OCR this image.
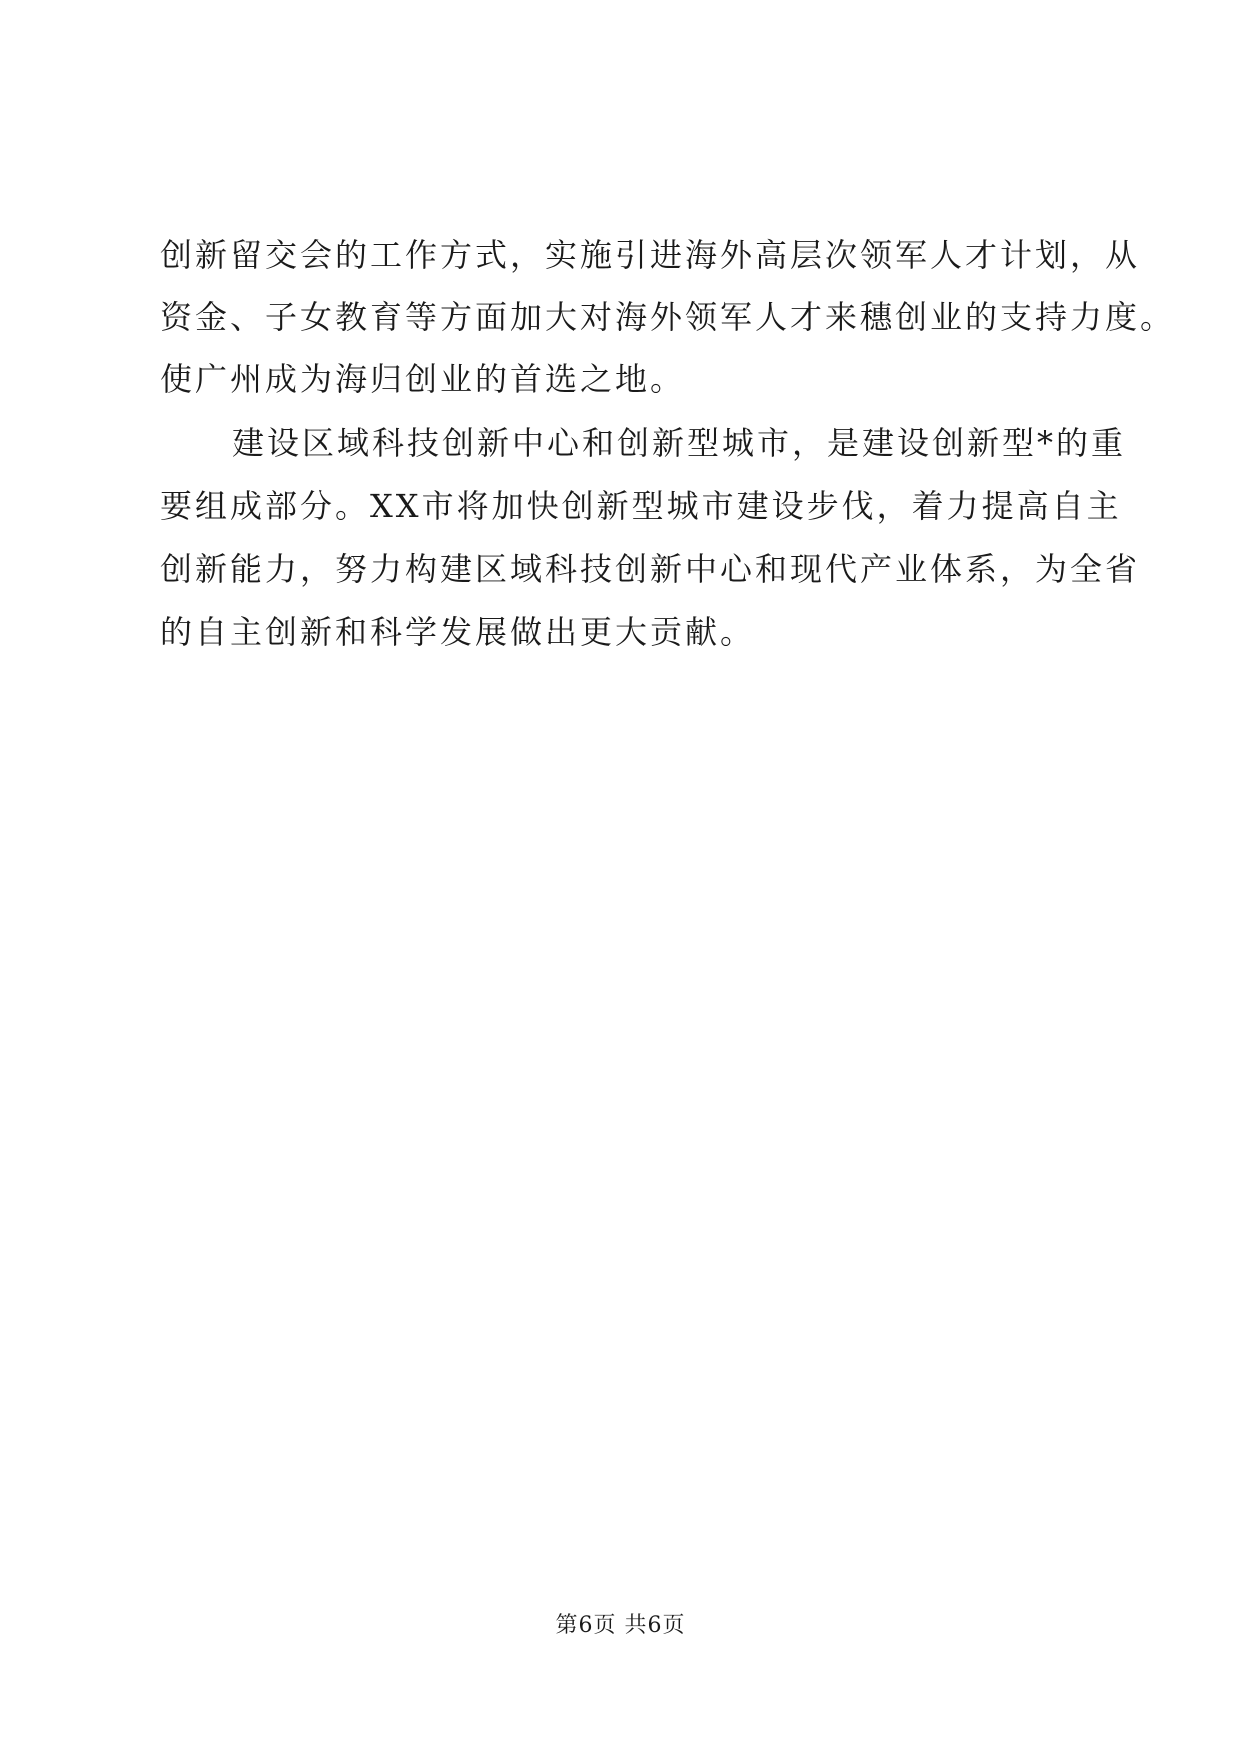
创新留交会的工作方式，实施引进海外高层次领军人才计划，从

资金、子女教育等方面加大对海外领军人才来穗创业的支持力度。

使广州成为海归创业的首选之地。

建设区域科技创新中心和创新型城市，是建设创新型*的重

要组成部分。XX市将加快创新型城市建设步伐，着力提高自主

创新能力，努力构建区域科技创新中心和现代产业体系，为全省

的自主创新和科学发展做出更大贡献。

第6页 共6页
